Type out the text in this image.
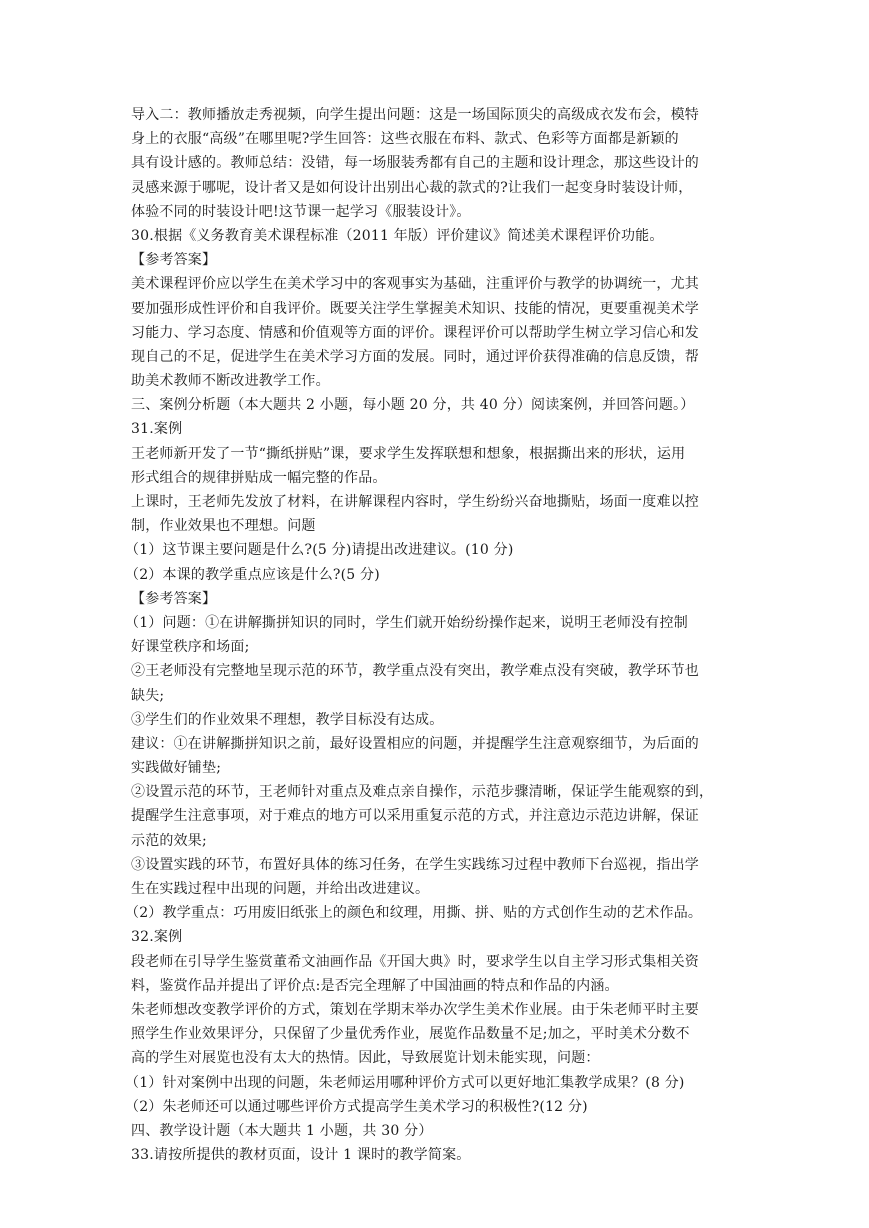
导入二：教师播放走秀视频，向学生提出问题：这是一场国际顶尖的高级成衣发布会，模特
身上的衣服“高级”在哪里呢?学生回答：这些衣服在布料、款式、色彩等方面都是新颖的
具有设计感的。教师总结：没错，每一场服装秀都有自己的主题和设计理念，那这些设计的
灵感来源于哪呢，设计者又是如何设计出别出心裁的款式的?让我们一起变身时装设计师，
体验不同的时装设计吧!这节课一起学习《服装设计》。
30.根据《义务教育美术课程标准（2011 年版）评价建议》简述美术课程评价功能。
【参考答案】
美术课程评价应以学生在美术学习中的客观事实为基础，注重评价与教学的协调统一，尤其
要加强形成性评价和自我评价。既要关注学生掌握美术知识、技能的情况，更要重视美术学
习能力、学习态度、情感和价值观等方面的评价。课程评价可以帮助学生树立学习信心和发
现自己的不足，促进学生在美术学习方面的发展。同时，通过评价获得准确的信息反馈，帮
助美术教师不断改进教学工作。
三、案例分析题（本大题共 2 小题，每小题 20 分，共 40 分）阅读案例，并回答问题。）
31.案例
王老师新开发了一节“撕纸拼贴”课，要求学生发挥联想和想象，根据撕出来的形状，运用
形式组合的规律拼贴成一幅完整的作品。
上课时，王老师先发放了材料，在讲解课程内容时，学生纷纷兴奋地撕贴，场面一度难以控
制，作业效果也不理想。问题
（1）这节课主要问题是什么?(5 分)请提出改进建议。(10 分)
（2）本课的教学重点应该是什么?(5 分)
【参考答案】
（1）问题：①在讲解撕拼知识的同时，学生们就开始纷纷操作起来，说明王老师没有控制
好课堂秩序和场面;
②王老师没有完整地呈现示范的环节，教学重点没有突出，教学难点没有突破，教学环节也
缺失;
③学生们的作业效果不理想，教学目标没有达成。
建议：①在讲解撕拼知识之前，最好设置相应的问题，并提醒学生注意观察细节，为后面的
实践做好铺垫;
②设置示范的环节，王老师针对重点及难点亲自操作，示范步骤清晰，保证学生能观察的到，
提醒学生注意事项，对于难点的地方可以采用重复示范的方式，并注意边示范边讲解，保证
示范的效果;
③设置实践的环节，布置好具体的练习任务，在学生实践练习过程中教师下台巡视，指出学
生在实践过程中出现的问题，并给出改进建议。
（2）教学重点：巧用废旧纸张上的颜色和纹理，用撕、拼、贴的方式创作生动的艺术作品。
32.案例
段老师在引导学生鉴赏董希文油画作品《开国大典》时，要求学生以自主学习形式集相关资
料，鉴赏作品并提出了评价点:是否完全理解了中国油画的特点和作品的内涵。
朱老师想改变教学评价的方式，策划在学期末举办次学生美术作业展。由于朱老师平时主要
照学生作业效果评分，只保留了少量优秀作业，展览作品数量不足;加之，平时美术分数不
高的学生对展览也没有太大的热情。因此，导致展览计划未能实现，问题：
（1）针对案例中出现的问题，朱老师运用哪种评价方式可以更好地汇集教学成果？(8 分)
（2）朱老师还可以通过哪些评价方式提高学生美术学习的积极性?(12 分)
四、教学设计题（本大题共 1 小题，共 30 分）
33.请按所提供的教材页面，设计 1 课时的教学简案。
